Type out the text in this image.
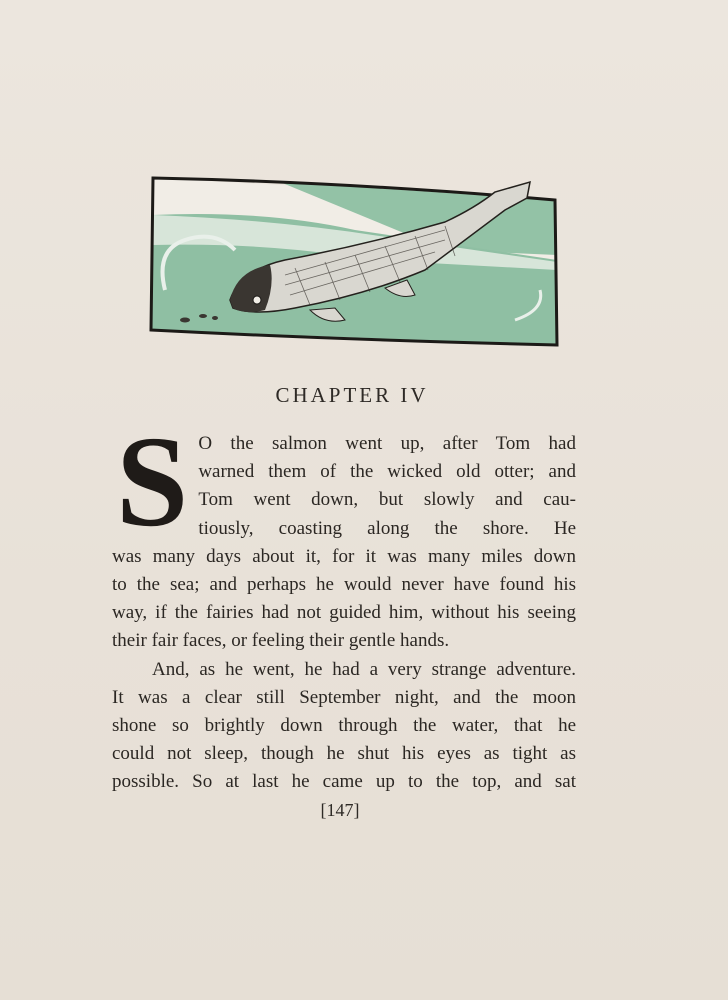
CHAPTER IV
S O the salmon went up, after Tom had
warned them of the wicked old otter; and
Tom went down, but slowly and cau-
tiously, coasting along the shore. He
was many days about it, for it was many miles down
to the sea; and perhaps he would never have found his
way, if the fairies had not guided him, without his seeing
their fair faces, or feeling their gentle hands.
And, as he went, he had a very strange adventure.
It was a clear still September night, and the moon
shone so brightly down through the water, that he
could not sleep, though he shut his eyes as tight as
possible. So at last he came up to the top, and sat
[147]
